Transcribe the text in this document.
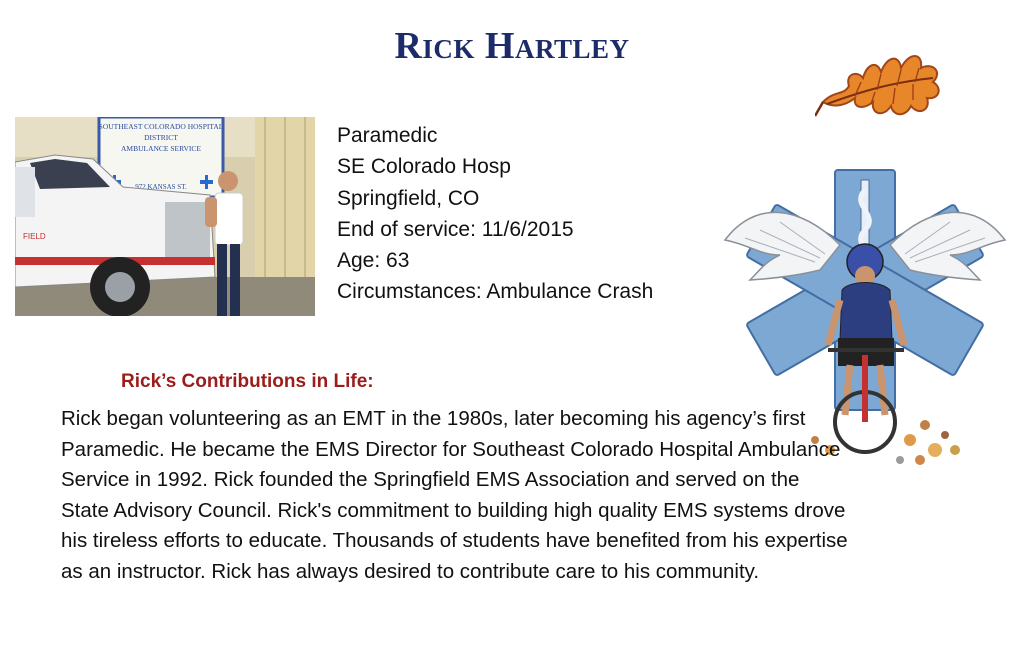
Rick Hartley
SOUTHEAST COLORADO HOSPITAL
DISTRICT
AMBULANCE SERVICE
972 KANSAS ST.
FIELD
Paramedic
SE Colorado Hosp
Springfield, CO
End of service: 11/6/2015
Age: 63
Circumstances: Ambulance Crash
Rick’s Contributions in Life:
Rick began volunteering as an EMT in the 1980s, later becoming his agency’s first
Paramedic. He became the EMS Director for Southeast Colorado Hospital Ambulance
Service in 1992. Rick founded the Springfield EMS Association and served on the
State Advisory Council. Rick's commitment to building high quality EMS systems drove
his tireless efforts to educate. Thousands of students have benefited from his expertise
as an instructor. Rick has always desired to contribute care to his community.
